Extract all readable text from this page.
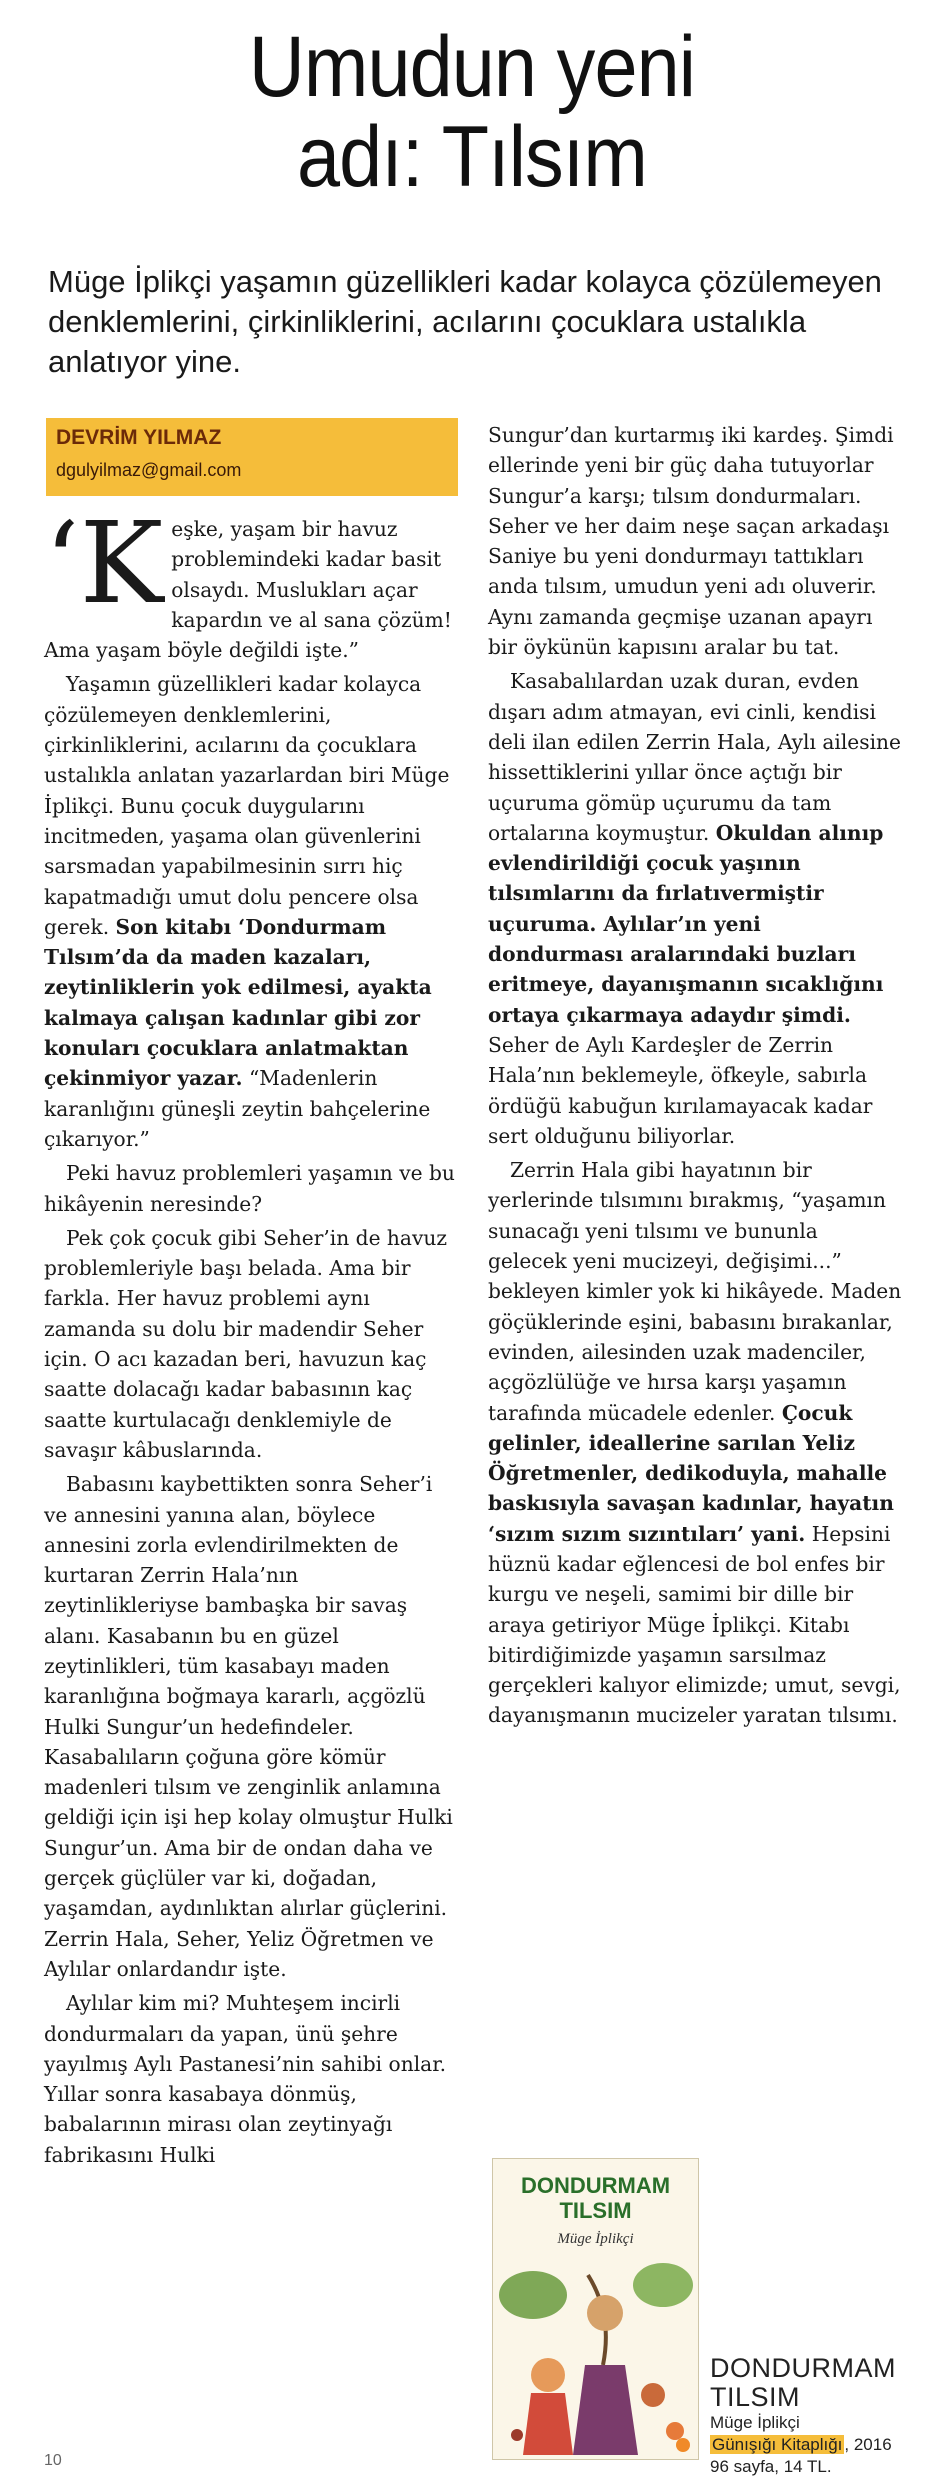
Umudun yeni
adı: Tılsım
Müge İplikçi yaşamın güzellikleri kadar kolayca çözülemeyen denklemlerini, çirkinliklerini, acılarını çocuklara ustalıkla anlatıyor yine.
DEVRİM YILMAZ
dgulyilmaz@gmail.com

‘Keşke, yaşam bir havuz problemindeki kadar basit olsaydı. Muslukları açar kapardın ve al sana çözüm! Ama yaşam böyle değildi işte.”

Yaşamın güzellikleri kadar kolayca çözülemeyen denklemlerini, çirkinliklerini, acılarını da çocuklara ustalıkla anlatan yazarlardan biri Müge İplikçi. Bunu çocuk duygularını incitmeden, yaşama olan güvenlerini sarsmadan yapabilmesinin sırrı hiç kapatmadığı umut dolu pencere olsa gerek. Son kitabı ‘Dondurmam Tılsım’da da maden kazaları, zeytinliklerin yok edilmesi, ayakta kalmaya çalışan kadınlar gibi zor konuları çocuklara anlatmaktan çekinmiyor yazar. “Madenlerin karanlığını güneşli zeytin bahçelerine çıkarıyor.”

Peki havuz problemleri yaşamın ve bu hikâyenin neresinde?

Pek çok çocuk gibi Seher’in de havuz problemleriyle başı belada. Ama bir farkla. Her havuz problemi aynı zamanda su dolu bir madendir Seher için. O acı kazadan beri, havuzun kaç saatte dolacağı kadar babasının kaç saatte kurtulacağı denklemiyle de savaşır kâbuslarında.

Babasını kaybettikten sonra Seher’i ve annesini yanına alan, böylece annesini zorla evlendirilmekten de kurtaran Zerrin Hala’nın zeytinlikleriyse bambaşka bir savaş alanı. Kasabanın bu en güzel zeytinlikleri, tüm kasabayı maden karanlığına boğmaya kararlı, açgözlü Hulki Sungur’un hedefindeler. Kasabalıların çoğuna göre kömür madenleri tılsım ve zenginlik anlamına geldiği için işi hep kolay olmuştur Hulki Sungur’un. Ama bir de ondan daha ve gerçek güçlüler var ki, doğadan, yaşamdan, aydınlıktan alırlar güçlerini. Zerrin Hala, Seher, Yeliz Öğretmen ve Aylılar onlardandır işte.

Aylılar kim mi? Muhteşem incirli dondurmaları da yapan, ünü şehre yayılmış Aylı Pastanesi’nin sahibi onlar. Yıllar sonra kasabaya dönmüş, babalarının mirası olan zeytinyağı fabrikasını Hulki

Sungur’dan kurtarmış iki kardeş. Şimdi ellerinde yeni bir güç daha tutuyorlar Sungur’a karşı; tılsım dondurmaları. Seher ve her daim neşe saçan arkadaşı Saniye bu yeni dondurmayı tattıkları anda tılsım, umudun yeni adı oluverir. Aynı zamanda geçmişe uzanan apayrı bir öykünün kapısını aralar bu tat.

Kasabalılardan uzak duran, evden dışarı adım atmayan, evi cinli, kendisi deli ilan edilen Zerrin Hala, Aylı ailesine hissettiklerini yıllar önce açtığı bir uçuruma gömüp uçurumu da tam ortalarına koymuştur. Okuldan alınıp evlendirildiği çocuk yaşının tılsımlarını da fırlatıvermiştir uçuruma. Aylılar’ın yeni dondurması aralarındaki buzları eritmeye, dayanışmanın sıcaklığını ortaya çıkarmaya adaydır şimdi. Seher de Aylı Kardeşler de Zerrin Hala’nın beklemeyle, öfkeyle, sabırla ördüğü kabuğun kırılamayacak kadar sert olduğunu biliyorlar.

Zerrin Hala gibi hayatının bir yerlerinde tılsımını bırakmış, “yaşamın sunacağı yeni tılsımı ve bununla gelecek yeni mucizeyi, değişimi...” bekleyen kimler yok ki hikâyede. Maden göçüklerinde eşini, babasını bırakanlar, evinden, ailesinden uzak madenciler, açgözlülüğe ve hırsa karşı yaşamın tarafında mücadele edenler. Çocuk gelinler, ideallerine sarılan Yeliz Öğretmenler, dedikoduyla, mahalle baskısıyla savaşan kadınlar, hayatın ‘sızım sızım sızıntıları’ yani. Hepsini hüznü kadar eğlencesi de bol enfes bir kurgu ve neşeli, samimi bir dille bir araya getiriyor Müge İplikçi. Kitabı bitirdiğimizde yaşamın sarsılmaz gerçekleri kalıyor elimizde; umut, sevgi, dayanışmanın mucizeler yaratan tılsımı.

DONDURMAM
TILSIM
Müge İplikçi
DONDURMAM
TILSIM
Müge İplikçi
Günışığı Kitaplığı , 2016
96 sayfa, 14 TL.
10
